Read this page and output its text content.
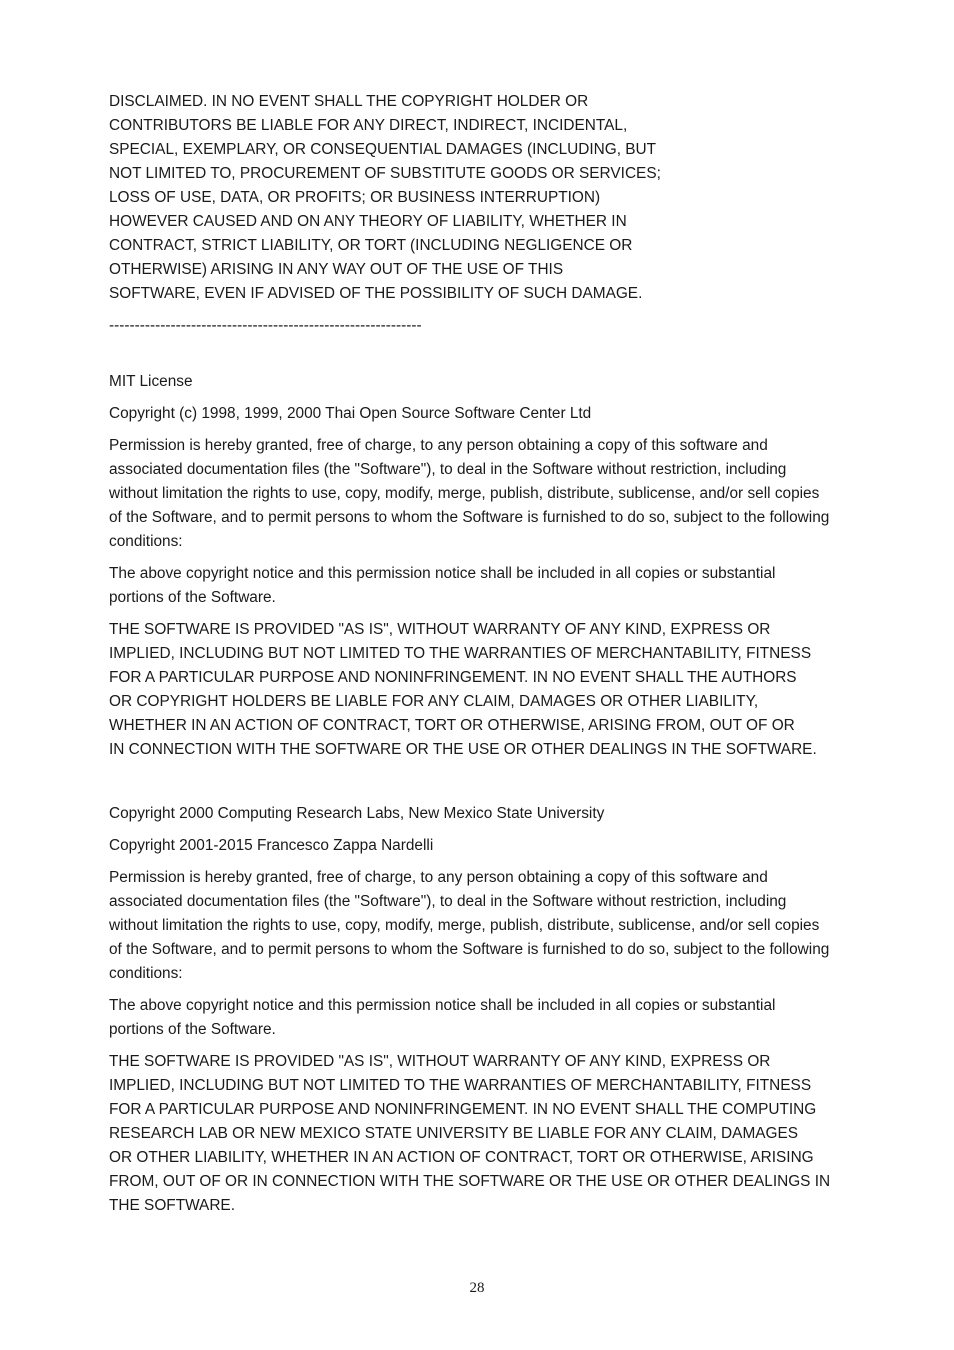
DISCLAIMED. IN NO EVENT SHALL THE COPYRIGHT HOLDER OR
CONTRIBUTORS BE LIABLE FOR ANY DIRECT, INDIRECT, INCIDENTAL,
SPECIAL, EXEMPLARY, OR CONSEQUENTIAL DAMAGES (INCLUDING, BUT
NOT LIMITED TO, PROCUREMENT OF SUBSTITUTE GOODS OR SERVICES;
LOSS OF USE, DATA, OR PROFITS; OR BUSINESS INTERRUPTION)
HOWEVER CAUSED AND ON ANY THEORY OF LIABILITY, WHETHER IN
CONTRACT, STRICT LIABILITY, OR TORT (INCLUDING NEGLIGENCE OR
OTHERWISE) ARISING IN ANY WAY OUT OF THE USE OF THIS
SOFTWARE, EVEN IF ADVISED OF THE POSSIBILITY OF SUCH DAMAGE.
-------------------------------------------------------------
MIT License
Copyright (c) 1998, 1999, 2000 Thai Open Source Software Center Ltd
Permission is hereby granted, free of charge, to any person obtaining a copy of this software and
associated documentation files (the "Software"), to deal in the Software without restriction, including
without limitation the rights to use, copy, modify, merge, publish, distribute, sublicense, and/or sell copies
of the Software, and to permit persons to whom the Software is furnished to do so, subject to the following
conditions:
The above copyright notice and this permission notice shall be included in all copies or substantial
portions of the Software.
THE SOFTWARE IS PROVIDED "AS IS", WITHOUT WARRANTY OF ANY KIND, EXPRESS OR
IMPLIED, INCLUDING BUT NOT LIMITED TO THE WARRANTIES OF MERCHANTABILITY, FITNESS
FOR A PARTICULAR PURPOSE AND NONINFRINGEMENT. IN NO EVENT SHALL THE AUTHORS
OR COPYRIGHT HOLDERS BE LIABLE FOR ANY CLAIM, DAMAGES OR OTHER LIABILITY,
WHETHER IN AN ACTION OF CONTRACT, TORT OR OTHERWISE, ARISING FROM, OUT OF OR
IN CONNECTION WITH THE SOFTWARE OR THE USE OR OTHER DEALINGS IN THE SOFTWARE.
Copyright 2000 Computing Research Labs, New Mexico State University
Copyright 2001-2015 Francesco Zappa Nardelli
Permission is hereby granted, free of charge, to any person obtaining a copy of this software and
associated documentation files (the "Software"), to deal in the Software without restriction, including
without limitation the rights to use, copy, modify, merge, publish, distribute, sublicense, and/or sell copies
of the Software, and to permit persons to whom the Software is furnished to do so, subject to the following
conditions:
The above copyright notice and this permission notice shall be included in all copies or substantial
portions of the Software.
THE SOFTWARE IS PROVIDED "AS IS", WITHOUT WARRANTY OF ANY KIND, EXPRESS OR
IMPLIED, INCLUDING BUT NOT LIMITED TO THE WARRANTIES OF MERCHANTABILITY, FITNESS
FOR A PARTICULAR PURPOSE AND NONINFRINGEMENT. IN NO EVENT SHALL THE COMPUTING
RESEARCH LAB OR NEW MEXICO STATE UNIVERSITY BE LIABLE FOR ANY CLAIM, DAMAGES
OR OTHER LIABILITY, WHETHER IN AN ACTION OF CONTRACT, TORT OR OTHERWISE, ARISING
FROM, OUT OF OR IN CONNECTION WITH THE SOFTWARE OR THE USE OR OTHER DEALINGS IN
THE SOFTWARE.
28
